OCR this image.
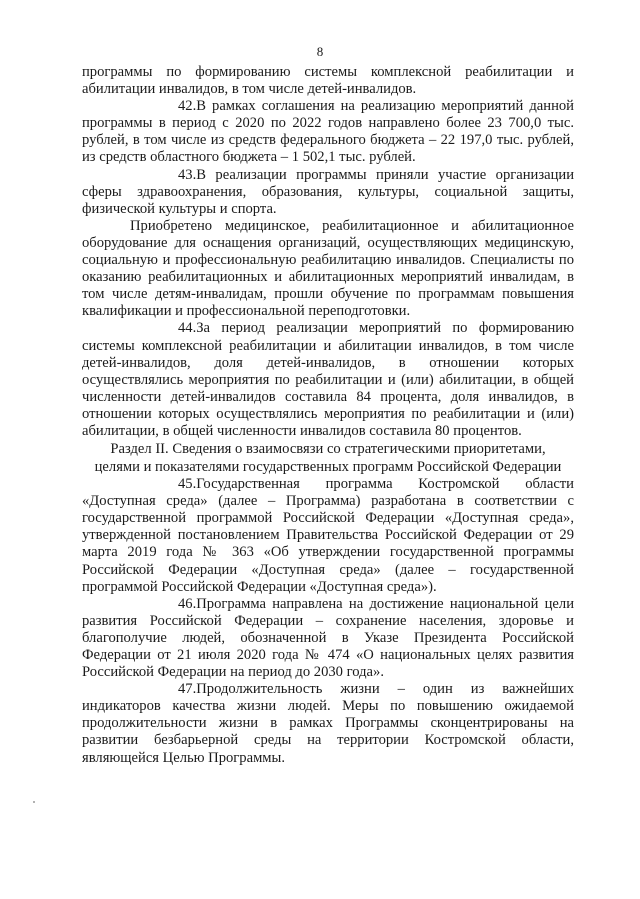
8

программы по формированию системы комплексной реабилитации и абилитации инвалидов, в том числе детей-инвалидов.

42.В рамках соглашения на реализацию мероприятий данной программы в период с 2020 по 2022 годов направлено более 23 700,0 тыс. рублей, в том числе из средств федерального бюджета – 22 197,0 тыс. рублей, из средств областного бюджета – 1 502,1 тыс. рублей.

43.В реализации программы приняли участие организации сферы здравоохранения, образования, культуры, социальной защиты, физической культуры и спорта.

Приобретено медицинское, реабилитационное и абилитационное оборудование для оснащения организаций, осуществляющих медицинскую, социальную и профессиональную реабилитацию инвалидов. Специалисты по оказанию реабилитационных и абилитационных мероприятий инвалидам, в том числе детям-инвалидам, прошли обучение по программам повышения квалификации и профессиональной переподготовки.

44.За период реализации мероприятий по формированию системы комплексной реабилитации и абилитации инвалидов, в том числе детей-инвалидов, доля детей-инвалидов, в отношении которых осуществлялись мероприятия по реабилитации и (или) абилитации, в общей численности детей-инвалидов составила 84 процента, доля инвалидов, в отношении которых осуществлялись мероприятия по реабилитации и (или) абилитации, в общей численности инвалидов составила 80 процентов.

Раздел II. Сведения о взаимосвязи со стратегическими приоритетами,
целями и показателями государственных программ Российской Федерации

45.Государственная программа Костромской области «Доступная среда» (далее – Программа) разработана в соответствии с государственной программой Российской Федерации «Доступная среда», утвержденной постановлением Правительства Российской Федерации от 29 марта 2019 года № 363 «Об утверждении государственной программы Российской Федерации «Доступная среда» (далее – государственной программой Российской Федерации «Доступная среда»).

46.Программа направлена на достижение национальной цели развития Российской Федерации – сохранение населения, здоровье и благополучие людей, обозначенной в Указе Президента Российской Федерации от 21 июля 2020 года № 474 «О национальных целях развития Российской Федерации на период до 2030 года».

47.Продолжительность жизни – один из важнейших индикаторов качества жизни людей. Меры по повышению ожидаемой продолжительности жизни в рамках Программы сконцентрированы на развитии безбарьерной среды на территории Костромской области, являющейся Целью Программы.
